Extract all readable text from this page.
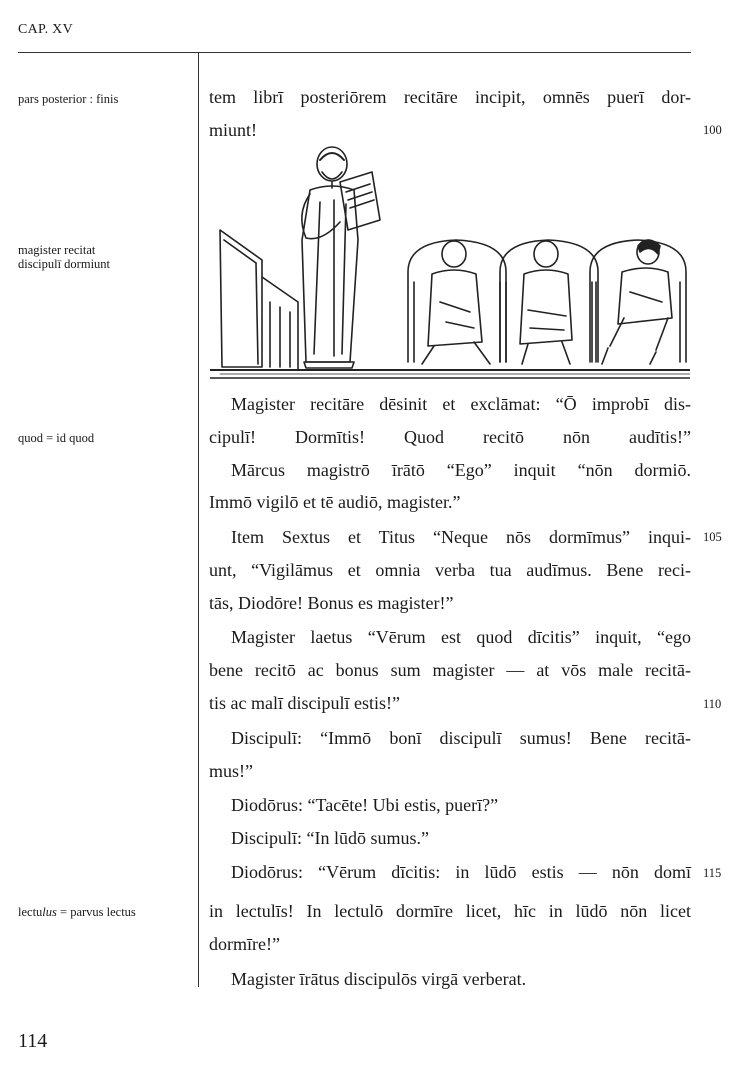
CAP. XV
pars posterior : finis
magister recitat
discipulī dormiunt
quod = id quod
lectulus = parvus lectus
tem librī posteriōrem recitāre incipit, omnēs puerī dor-
miunt!
Magister recitāre dēsinit et exclāmat: “Ō improbī dis-
cipulī! Dormītis! Quod recitō nōn audītis!”
Mārcus magistrō īrātō “Ego” inquit “nōn dormiō.
Immō vigilō et tē audiō, magister.”
Item Sextus et Titus “Neque nōs dormīmus” inqui-
unt, “Vigilāmus et omnia verba tua audīmus. Bene reci-
tās, Diodōre! Bonus es magister!”
Magister laetus “Vērum est quod dīcitis” inquit, “ego
bene recitō ac bonus sum magister — at vōs male recitā-
tis ac malī discipulī estis!”
Discipulī: “Immō bonī discipulī sumus! Bene recitā-
mus!”
Diodōrus: “Tacēte! Ubi estis, puerī?”
Discipulī: “In lūdō sumus.”
Diodōrus: “Vērum dīcitis: in lūdō estis — nōn domī
in lectulīs! In lectulō dormīre licet, hīc in lūdō nōn licet
dormīre!”
Magister īrātus discipulōs virgā verberat.
100
105
110
115
114
